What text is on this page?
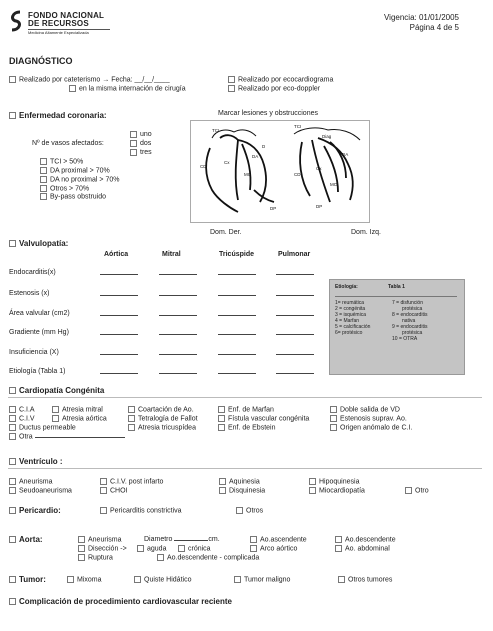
FONDO NACIONAL
DE RECURSOS
Medicina Altamente Especializada
Vigencia: 01/01/2005
Página 4 de 5
DIAGNÓSTICO
Realizado por cateterismo → Fecha: __/__/____
en la misma internación de cirugía
Realizado por ecocardiograma
Realizado por eco-doppler
Enfermedad coronaria:	Marcar lesiones y obstrucciones
Nº de vasos afectados:
uno
dos
tres
TCI > 50%
DA proximal > 70%
DA no proximal > 70%
Otros > 70%
By-pass obstruido
TCI
CD
Cx
DA
D
MO
DP
TCI
Diag
DA
Cx
CD
MO
DP
Dom. Der.	Dom. Izq.
Valvulopatía:
Aórtica	Mitral	Tricúspide	Pulmonar
Endocarditis(x)
Estenosis (x)
Área valvular (cm2)
Gradiente (mm Hg)
Insuficiencia (X)
Etiología (Tabla 1)
Etiología:	Tabla 1
1= reumática
2 = congénita
3 = isquémica
4 = Marfan
5 = calcificación
6= protésico
7 = disfunción
protésica
8 = endocarditis
nativa
9 = endocarditis
protésica
10 = OTRA
Cardiopatía Congénita
C.I.A
C.I.V
Ductus permeable
Otra
Atresia mitral
Atresia aórtica
Coartación de Ao.
Tetralogía de Fallot
Atresia tricuspídea
Enf. de Marfan
Fístula vascular congénita
Enf. de Ebstein
Doble salida de VD
Estenosis suprav. Ao.
Origen anómalo de C.I.
Ventrículo :
Aneurisma	C.I.V. post infarto	Aquinesia	Hipoquinesia
Seudoaneurisma	CHOI	Disquinesia	Miocardiopatía	Otro
Pericardio:	Pericarditis constrictiva	Otros
Aorta:	Aneurisma	Diametro	cm.	Ao.ascendente	Ao.descendente
Disección ->	aguda	crónica	Arco aórtico	Ao. abdominal
Ruptura	Ao.descendente - complicada
Tumor:	Mixoma	Quiste Hidático	Tumor maligno	Otros tumores
Complicación de procedimiento cardiovascular reciente
